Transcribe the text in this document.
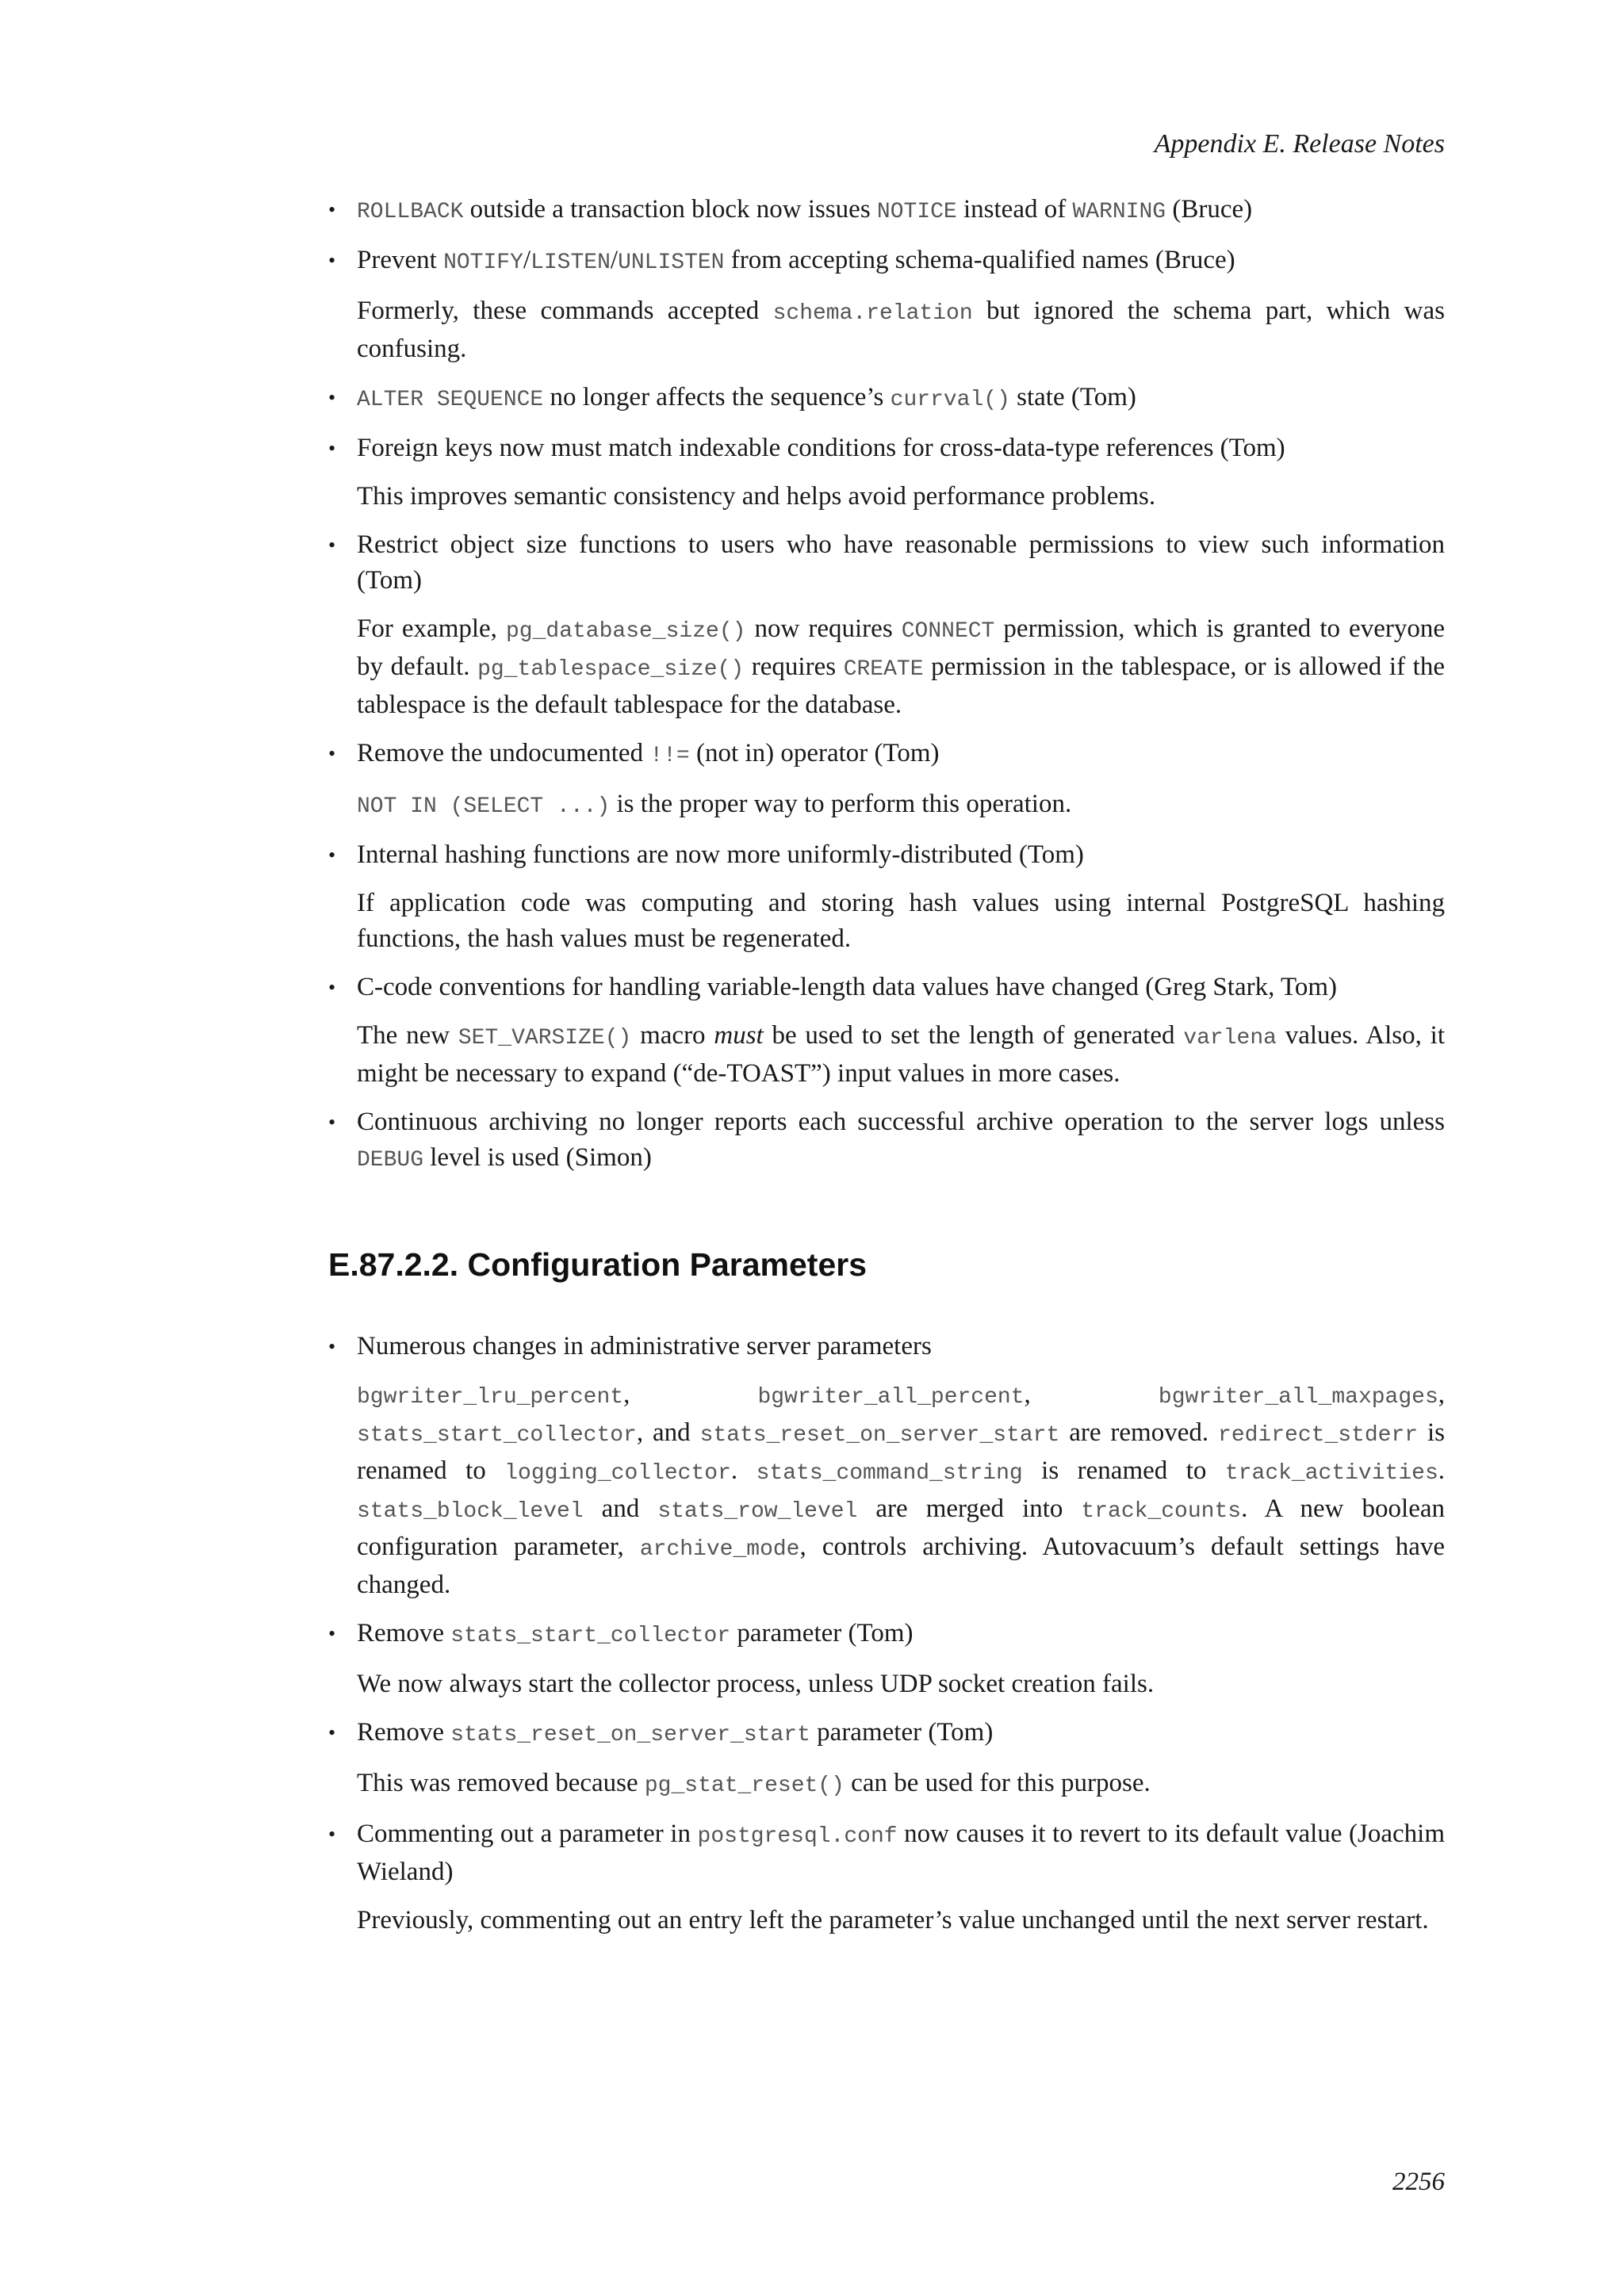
Appendix E. Release Notes

• ROLLBACK outside a transaction block now issues NOTICE instead of WARNING (Bruce)

• Prevent NOTIFY/LISTEN/UNLISTEN from accepting schema-qualified names (Bruce)

Formerly, these commands accepted schema.relation but ignored the schema part, which was confusing.

• ALTER SEQUENCE no longer affects the sequence’s currval() state (Tom)

• Foreign keys now must match indexable conditions for cross-data-type references (Tom)

This improves semantic consistency and helps avoid performance problems.

• Restrict object size functions to users who have reasonable permissions to view such information (Tom)

For example, pg_database_size() now requires CONNECT permission, which is granted to everyone by default. pg_tablespace_size() requires CREATE permission in the tablespace, or is allowed if the tablespace is the default tablespace for the database.

• Remove the undocumented !!= (not in) operator (Tom)

NOT IN (SELECT ...) is the proper way to perform this operation.

• Internal hashing functions are now more uniformly-distributed (Tom)

If application code was computing and storing hash values using internal PostgreSQL hashing functions, the hash values must be regenerated.

• C-code conventions for handling variable-length data values have changed (Greg Stark, Tom)

The new SET_VARSIZE() macro must be used to set the length of generated varlena values. Also, it might be necessary to expand (“de-TOAST”) input values in more cases.

• Continuous archiving no longer reports each successful archive operation to the server logs unless DEBUG level is used (Simon)

E.87.2.2. Configuration Parameters

• Numerous changes in administrative server parameters

bgwriter_lru_percent, bgwriter_all_percent, bgwriter_all_maxpages, stats_start_collector, and stats_reset_on_server_start are removed. redirect_stderr is renamed to logging_collector. stats_command_string is renamed to track_activities. stats_block_level and stats_row_level are merged into track_counts. A new boolean configuration parameter, archive_mode, controls archiving. Autovacuum’s default settings have changed.

• Remove stats_start_collector parameter (Tom)

We now always start the collector process, unless UDP socket creation fails.

• Remove stats_reset_on_server_start parameter (Tom)

This was removed because pg_stat_reset() can be used for this purpose.

• Commenting out a parameter in postgresql.conf now causes it to revert to its default value (Joachim Wieland)

Previously, commenting out an entry left the parameter’s value unchanged until the next server restart.

2256
